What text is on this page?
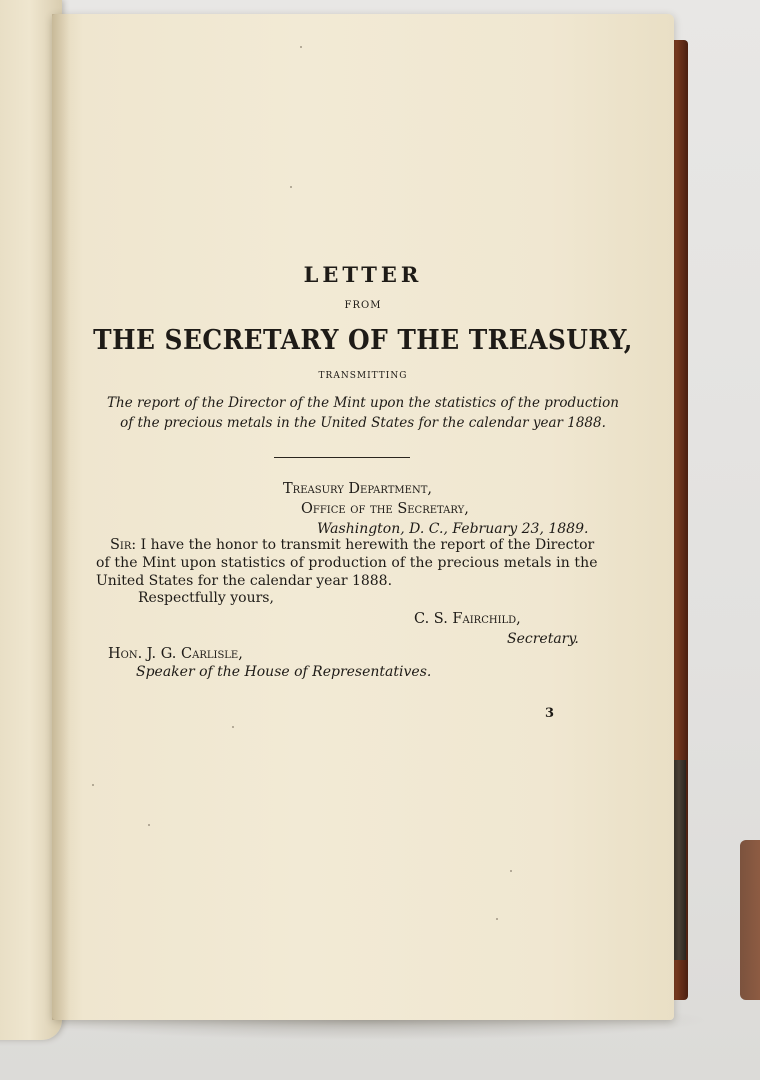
LETTER
FROM
THE SECRETARY OF THE TREASURY,
TRANSMITTING
The report of the Director of the Mint upon the statistics of the production
of the precious metals in the United States for the calendar year 1888.
Treasury Department,
Office of the Secretary,
Washington, D. C., February 23, 1889.
Sir: I have the honor to transmit herewith the report of the Director
of the Mint upon statistics of production of the precious metals in the
United States for the calendar year 1888.
Respectfully yours,
C. S. Fairchild,
Secretary.
Hon. J. G. Carlisle,
Speaker of the House of Representatives.
3
